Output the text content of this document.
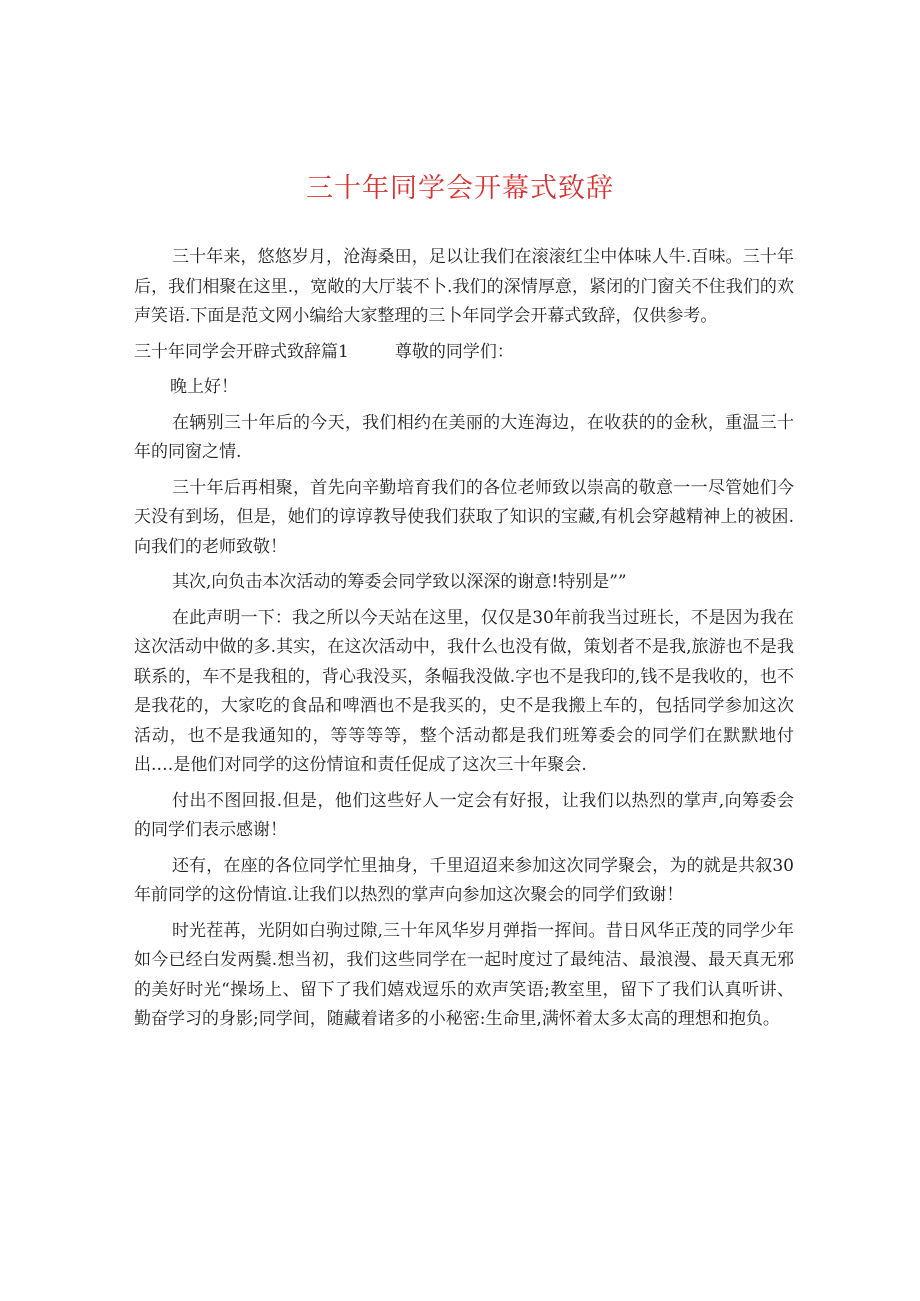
三十年同学会开幕式致辞

三十年来，悠悠岁月，沧海桑田，足以让我们在滚滚红尘中体味人牛.百味。三十年后，我们相聚在这里.，宽敞的大厅装不卜.我们的深情厚意，紧闭的门窗关不住我们的欢声笑语.下面是范文网小编给大家整理的三卜年同学会开幕式致辞，仅供参考。

三十年同学会开辟式致辞篇1	尊敬的同学们：

晚上好！

在辆别三十年后的今天，我们相约在美丽的大连海边，在收获的的金秋，重温三十年的同窗之情.

三十年后再相聚，首先向辛勤培育我们的各位老师致以崇高的敬意一一尽管她们今天没有到场，但是，她们的谆谆教导使我们获取了知识的宝藏,有机会穿越精神上的被困.向我们的老师致敬！

其次,向负击本次活动的筹委会同学致以深深的谢意!特别是””

在此声明一下：我之所以今天站在这里，仅仅是30年前我当过班长，不是因为我在这次活动中做的多.其实，在这次活动中，我什么也没有做，策划者不是我,旅游也不是我联系的，车不是我租的，背心我没买，条幅我没做.字也不是我印的,钱不是我收的，也不是我花的，大家吃的食品和啤酒也不是我买的，史不是我搬上车的，包括同学参加这次活动，也不是我通知的，等等等等，整个活动都是我们班筹委会的同学们在默默地付出.…是他们对同学的这份情谊和责任促成了这次三十年聚会.

付出不图回报.但是，他们这些好人一定会有好报，让我们以热烈的掌声,向筹委会的同学们表示感谢！

还有，在座的各位同学忙里抽身，千里迢迢来参加这次同学聚会，为的就是共叙30年前同学的这份情谊.让我们以热烈的掌声向参加这次聚会的同学们致谢！

时光茬苒，光阴如白驹过隙,三十年风华岁月弹指一挥间。昔日风华正茂的同学少年如今已经白发两鬓.想当初，我们这些同学在一起时度过了最纯洁、最浪漫、最天真无邪的美好时光“操场上、留下了我们嬉戏逗乐的欢声笑语;教室里，留下了我们认真听讲、勤奋学习的身影;同学间，随藏着诸多的小秘密:生命里,满怀着太多太高的理想和抱负。
